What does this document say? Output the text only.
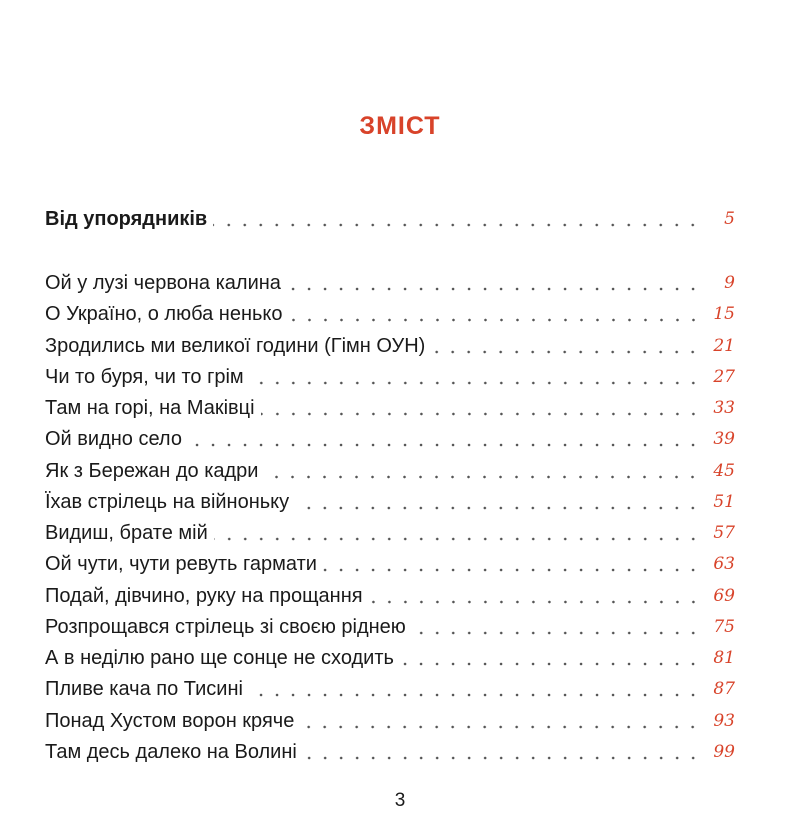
ЗМІСТ
Від упорядників	5
Ой у лузі червона калина	9
О Україно, о люба ненько	15
Зродились ми великої години (Гімн ОУН)	21
Чи то буря, чи то грім	27
Там на горі, на Маківці	33
Ой видно село	39
Як з Бережан до кадри	45
Їхав стрілець на війноньку	51
Видиш, брате мій	57
Ой чути, чути ревуть гармати	63
Подай, дівчино, руку на прощання	69
Розпрощався стрілець зі своєю ріднею	75
А в неділю рано ще сонце не сходить	81
Пливе кача по Тисині	87
Понад Хустом ворон кряче	93
Там десь далеко на Волині	99
3
